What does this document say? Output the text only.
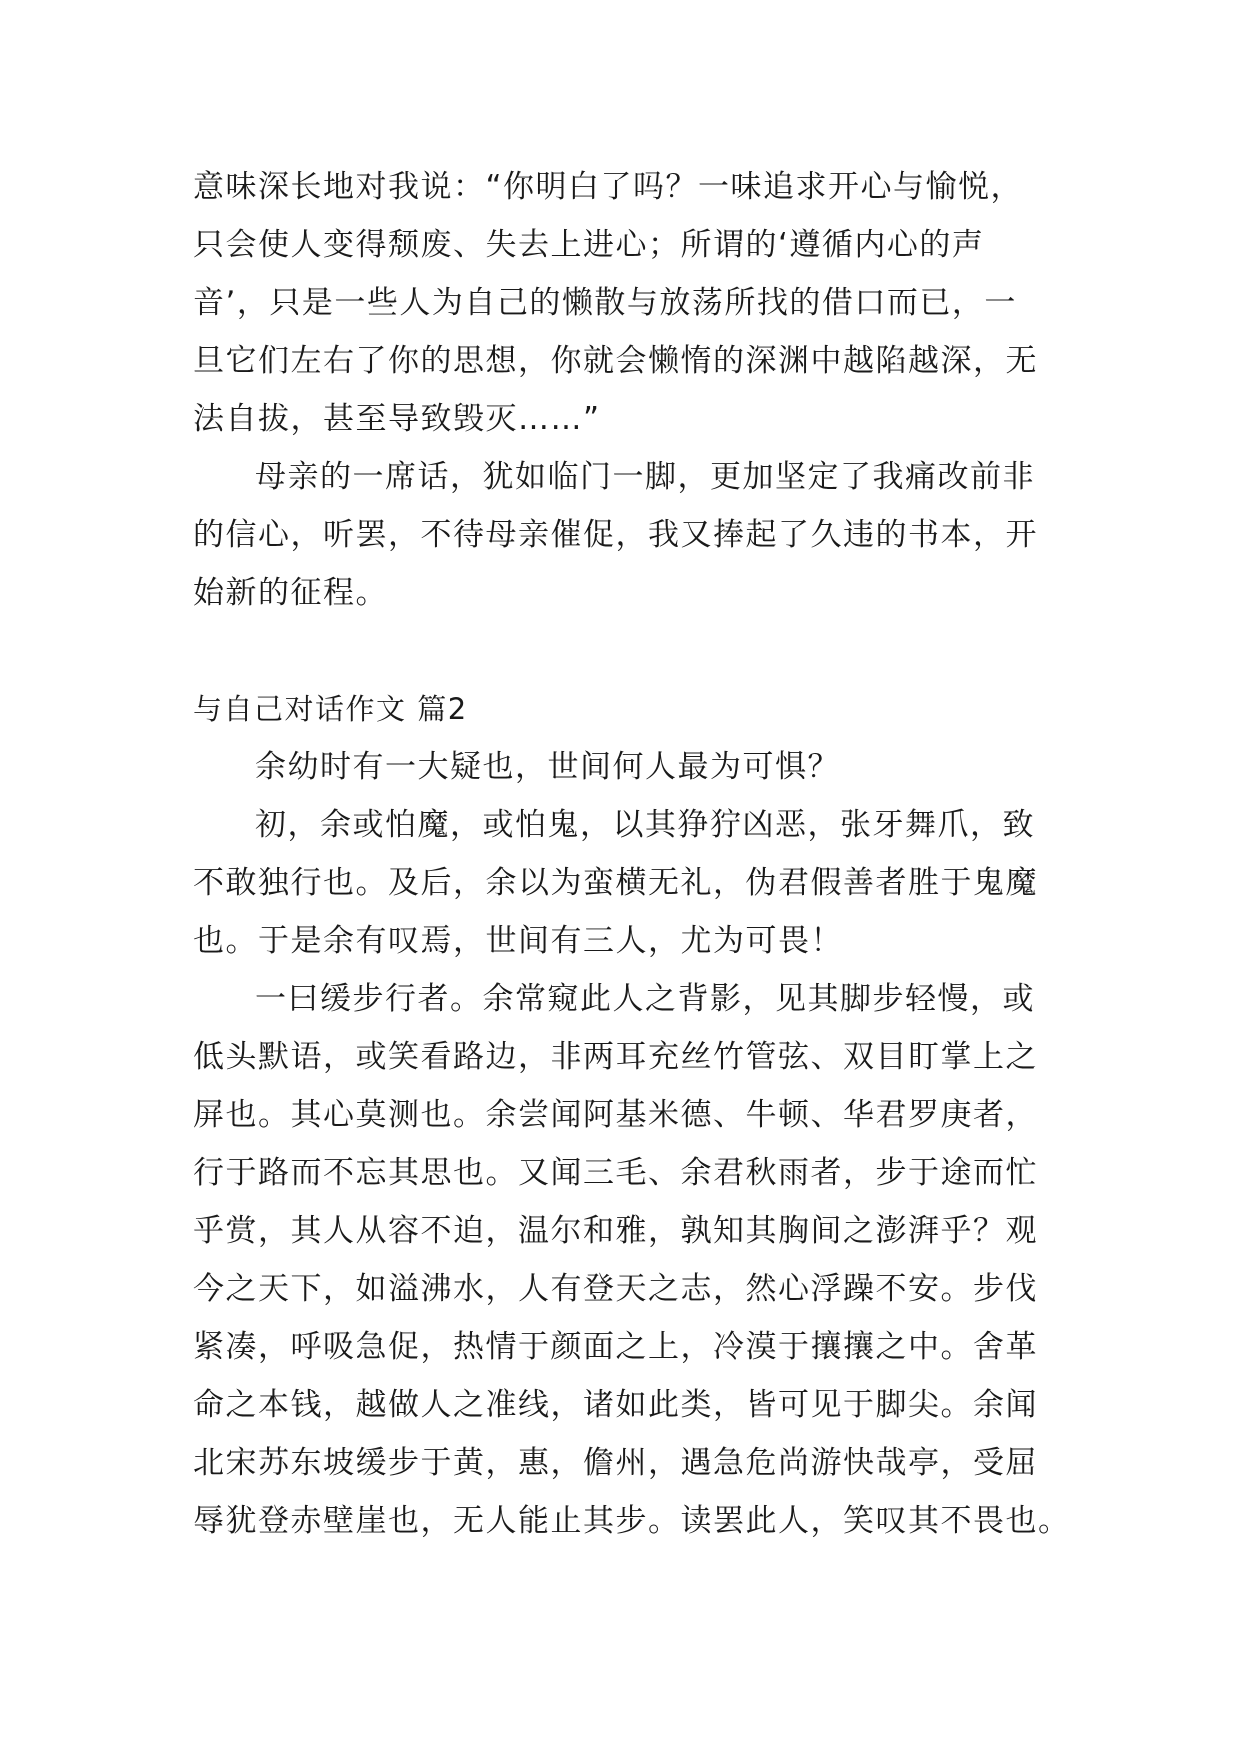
意味深长地对我说：“你明白了吗？一味追求开心与愉悦，
只会使人变得颓废、失去上进心；所谓的‘遵循内心的声
音’，只是一些人为自己的懒散与放荡所找的借口而已，一
旦它们左右了你的思想，你就会懒惰的深渊中越陷越深，无
法自拔，甚至导致毁灭……”
母亲的一席话，犹如临门一脚，更加坚定了我痛改前非
的信心，听罢，不待母亲催促，我又捧起了久违的书本，开
始新的征程。
与自己对话作文 篇2
余幼时有一大疑也，世间何人最为可惧？
初，余或怕魔，或怕鬼，以其狰狞凶恶，张牙舞爪，致
不敢独行也。及后，余以为蛮横无礼，伪君假善者胜于鬼魔
也。于是余有叹焉，世间有三人，尤为可畏！
一曰缓步行者。余常窥此人之背影，见其脚步轻慢，或
低头默语，或笑看路边，非两耳充丝竹管弦、双目盯掌上之
屏也。其心莫测也。余尝闻阿基米德、牛顿、华君罗庚者，
行于路而不忘其思也。又闻三毛、余君秋雨者，步于途而忙
乎赏，其人从容不迫，温尔和雅，孰知其胸间之澎湃乎？观
今之天下，如溢沸水，人有登天之志，然心浮躁不安。步伐
紧凑，呼吸急促，热情于颜面之上，冷漠于攘攘之中。舍革
命之本钱，越做人之准线，诸如此类，皆可见于脚尖。余闻
北宋苏东坡缓步于黄，惠，儋州，遇急危尚游快哉亭，受屈
辱犹登赤壁崖也，无人能止其步。读罢此人，笑叹其不畏也。
